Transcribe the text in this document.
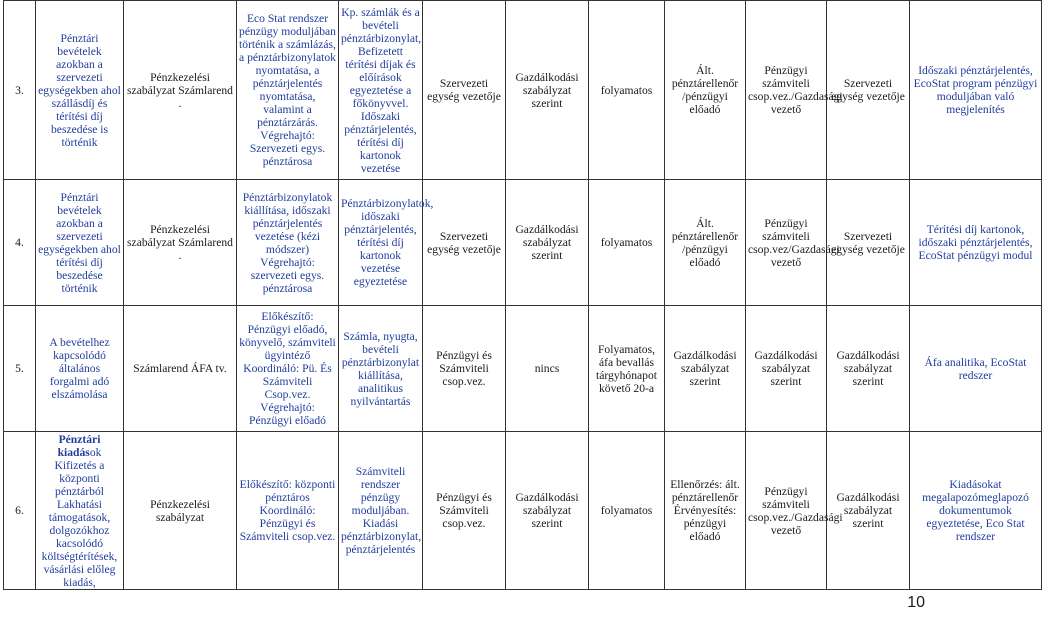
3.	Pénztári bevételek azokban a szervezeti egységekben ahol szállásdíj és térítési díj beszedése is történik	Pénzkezelési szabályzat Számlarend .	Eco Stat rendszer pénzügy moduljában történik a számlázás, a pénztárbizonylatok nyomtatása, a pénztárjelentés nyomtatása, valamint a pénztárzárás. Végrehajtó: Szervezeti egys. pénztárosa	Kp. számlák és a bevételi pénztárbizonylat, Befizetett térítési díjak és előírások egyeztetése a főkönyvvel. Időszaki pénztárjelentés, térítési díj kartonok vezetése	Szervezeti egység vezetője	Gazdálkodási szabályzat szerint	folyamatos	Ált. pénztárellenőr /pénzügyi előadó	Pénzügyi számviteli csop.vez./Gazdasági vezető	Szervezeti egység vezetője	Időszaki pénztárjelentés, EcoStat program pénzügyi moduljában való megjelenítés
4.	Pénztári bevételek azokban a szervezeti egységekben ahol térítési díj beszedése történik	Pénzkezelési szabályzat Számlarend .	Pénztárbizonylatok kiállítása, időszaki pénztárjelentés vezetése (kézi módszer) Végrehajtó: szervezeti egys. pénztárosa	Pénztárbizonylatok, időszaki pénztárjelentés, térítési díj kartonok vezetése egyeztetése	Szervezeti egység vezetője	Gazdálkodási szabályzat szerint	folyamatos	Ált. pénztárellenőr /pénzügyi előadó	Pénzügyi számviteli csop.vez/Gazdasági vezető	Szervezeti egység vezetője	Térítési díj kartonok, időszaki pénztárjelentés, EcoStat pénzügyi modul
5.	A bevételhez kapcsolódó általános forgalmi adó elszámolása	Számlarend ÁFA tv.	Előkészítő: Pénzügyi előadó, könyvelő, számviteli ügyintéző Koordináló: Pü. És Számviteli Csop.vez. Végrehajtó: Pénzügyi előadó	Számla, nyugta, bevételi pénztárbizonylat kiállítása, analitikus nyilvántartás	Pénzügyi és Számviteli csop.vez.	nincs	Folyamatos, áfa bevallás tárgyhónapot követő 20-a	Gazdálkodási szabályzat szerint	Gazdálkodási szabályzat szerint	Gazdálkodási szabályzat szerint	Áfa analitika, EcoStat redszer
6.	Pénztári kiadások Kifizetés a központi pénztárból Lakhatási támogatások, dolgozókhoz kacsolódó költségtérítések, vásárlási előleg kiadás,	Pénzkezelési szabályzat	Előkészítő: központi pénztáros Koordináló: Pénzügyi és Számviteli csop.vez.	Számviteli rendszer pénzügy moduljában. Kiadási pénztárbizonylat, pénztárjelentés	Pénzügyi és Számviteli csop.vez.	Gazdálkodási szabályzat szerint	folyamatos	Ellenőrzés: ált. pénztárellenőr Érvényesítés: pénzügyi előadó	Pénzügyi számviteli csop.vez./Gazdasági vezető	Gazdálkodási szabályzat szerint	Kiadásokat megalapozómeglapozó dokumentumok egyeztetése, Eco Stat rendszer
10
